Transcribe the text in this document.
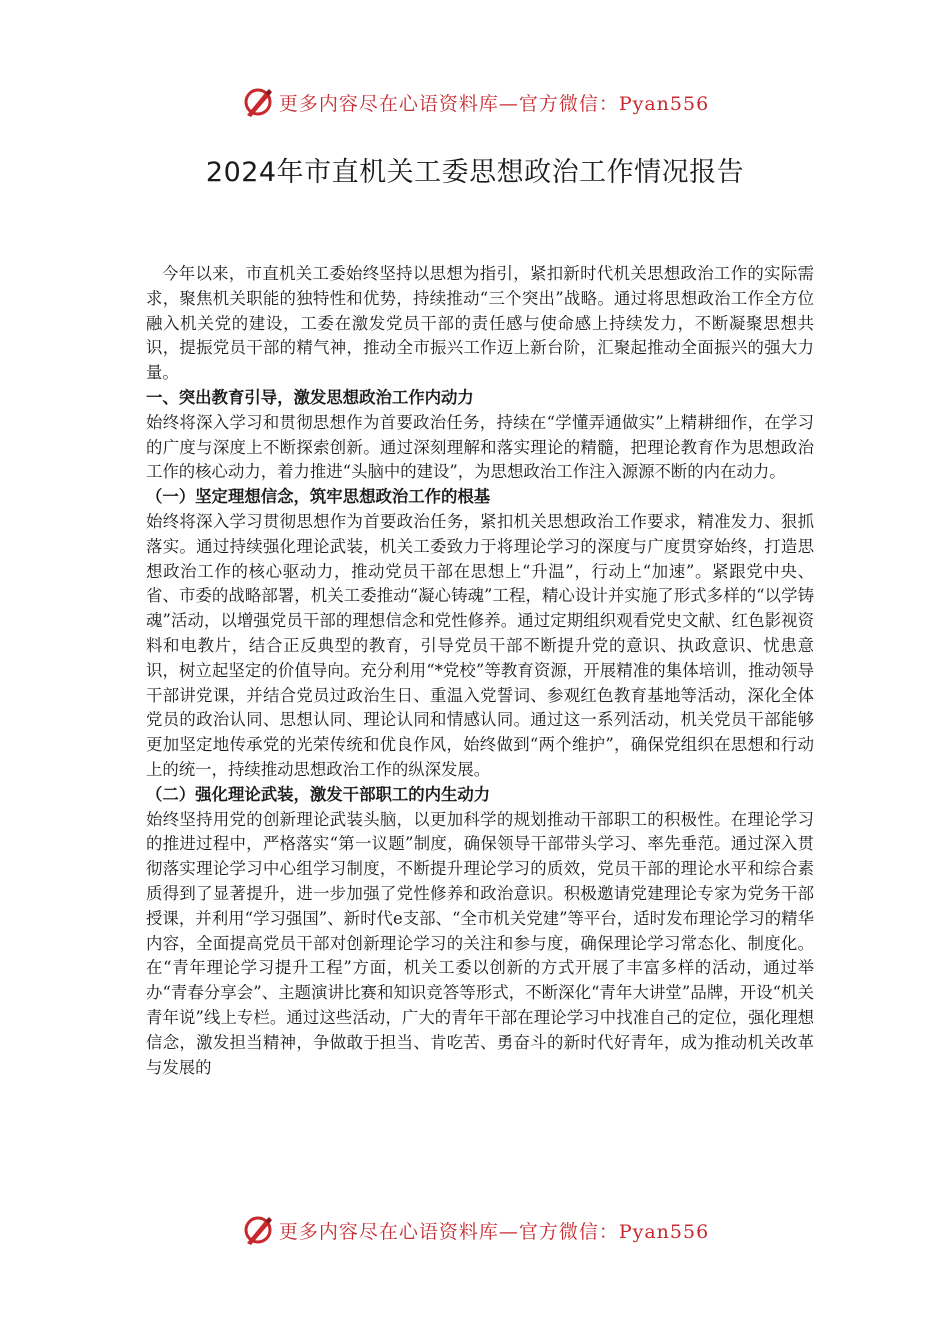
更多内容尽在心语资料库—官方微信：Pyan556
2024年市直机关工委思想政治工作情况报告

今年以来，市直机关工委始终坚持以思想为指引，紧扣新时代机关思想政治工作的实际需求，聚焦机关职能的独特性和优势，持续推动“三个突出”战略。通过将思想政治工作全方位融入机关党的建设，工委在激发党员干部的责任感与使命感上持续发力，不断凝聚思想共识，提振党员干部的精气神，推动全市振兴工作迈上新台阶，汇聚起推动全面振兴的强大力量。

一、突出教育引导，激发思想政治工作内动力

始终将深入学习和贯彻思想作为首要政治任务，持续在“学懂弄通做实”上精耕细作，在学习的广度与深度上不断探索创新。通过深刻理解和落实理论的精髓，把理论教育作为思想政治工作的核心动力，着力推进“头脑中的建设”，为思想政治工作注入源源不断的内在动力。

（一）坚定理想信念，筑牢思想政治工作的根基

始终将深入学习贯彻思想作为首要政治任务，紧扣机关思想政治工作要求，精准发力、狠抓落实。通过持续强化理论武装，机关工委致力于将理论学习的深度与广度贯穿始终，打造思想政治工作的核心驱动力，推动党员干部在思想上“升温”，行动上“加速”。紧跟党中央、省、市委的战略部署，机关工委推动“凝心铸魂”工程，精心设计并实施了形式多样的“以学铸魂”活动，以增强党员干部的理想信念和党性修养。通过定期组织观看党史文献、红色影视资料和电教片，结合正反典型的教育，引导党员干部不断提升党的意识、执政意识、忧患意识，树立起坚定的价值导向。充分利用“*党校”等教育资源，开展精准的集体培训，推动领导干部讲党课，并结合党员过政治生日、重温入党誓词、参观红色教育基地等活动，深化全体党员的政治认同、思想认同、理论认同和情感认同。通过这一系列活动，机关党员干部能够更加坚定地传承党的光荣传统和优良作风，始终做到“两个维护”，确保党组织在思想和行动上的统一，持续推动思想政治工作的纵深发展。

（二）强化理论武装，激发干部职工的内生动力

始终坚持用党的创新理论武装头脑，以更加科学的规划推动干部职工的积极性。在理论学习的推进过程中，严格落实“第一议题”制度，确保领导干部带头学习、率先垂范。通过深入贯彻落实理论学习中心组学习制度，不断提升理论学习的质效，党员干部的理论水平和综合素质得到了显著提升，进一步加强了党性修养和政治意识。积极邀请党建理论专家为党务干部授课，并利用“学习强国”、新时代e支部、“全市机关党建”等平台，适时发布理论学习的精华内容，全面提高党员干部对创新理论学习的关注和参与度，确保理论学习常态化、制度化。在“青年理论学习提升工程”方面，机关工委以创新的方式开展了丰富多样的活动，通过举办“青春分享会”、主题演讲比赛和知识竞答等形式，不断深化“青年大讲堂”品牌，开设“机关青年说”线上专栏。通过这些活动，广大的青年干部在理论学习中找准自己的定位，强化理想信念，激发担当精神，争做敢于担当、肯吃苦、勇奋斗的新时代好青年，成为推动机关改革与发展的

更多内容尽在心语资料库—官方微信：Pyan556
